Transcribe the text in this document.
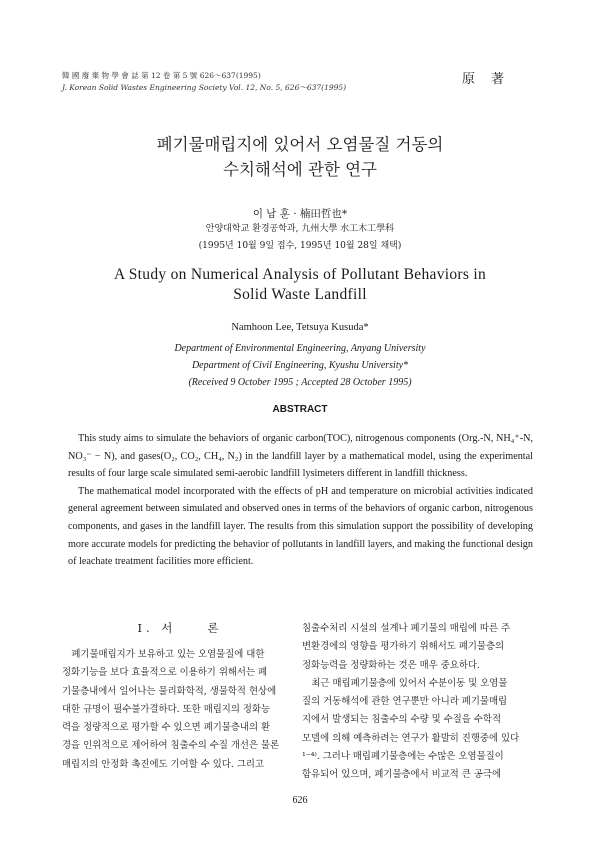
韓 國 廢 棄 物 學 會 誌 第 12 卷 第 5 號 626～637(1995)
J. Korean Solid Wastes Engineering Society Vol. 12, No. 5, 626～637(1995)
原 著
폐기물매립지에 있어서 오염물질 거동의
수치해석에 관한 연구
이 남 훈 · 楠田哲也*
안양대학교 환경공학과, 九州大學 水工木工學科
(1995년 10월 9일 접수, 1995년 10월 28일 채택)
A Study on Numerical Analysis of Pollutant Behaviors in
Solid Waste Landfill
Namhoon Lee, Tetsuya Kusuda*
Department of Environmental Engineering, Anyang University
Department of Civil Engineering, Kyushu University*
(Received 9 October 1995 ; Accepted 28 October 1995)
ABSTRACT

This study aims to simulate the behaviors of organic carbon(TOC), nitrogenous components (Org.-N, NH₄⁺-N, NO₃⁻ − N), and gases(O₂, CO₂, CH₄, N₂) in the landfill layer by a mathematical model, using the experimental results of four large scale simulated semi-aerobic landfill lysimeters different in landfill thickness.

The mathematical model incorporated with the effects of pH and temperature on microbial activities indicated general agreement between simulated and observed ones in terms of the behaviors of organic carbon, nitrogenous components, and gases in the landfill layer. The results from this simulation support the possibility of developing more accurate models for predicting the behavior of pollutants in landfill layers, and making the functional design of leachate treatment facilities more efficient.

Ⅰ. 서　　론

　폐기물매립지가 보유하고 있는 오염물질에 대한

정화기능을 보다 효율적으로 이용하기 위해서는 폐

기물층내에서 일어나는 물리화학적, 생물학적 현상에

대한 규명이 필수불가결하다. 또한 매립지의 정화능

력을 정량적으로 평가할 수 있으면 폐기물층내의 환

경을 인위적으로 제어하여 침출수의 수질 개선은 물론

매립지의 안정화 촉진에도 기여할 수 있다. 그리고

침출수처리 시설의 설계나 폐기물의 매립에 따른 주

변환경에의 영향을 평가하기 위해서도 폐기물층의

정화능력을 정량화하는 것은 매우 중요하다.

　최근 매립폐기물층에 있어서 수분이동 및 오염물

질의 거동해석에 관한 연구뿐만 아니라 폐기물매립

지에서 발생되는 침출수의 수량 및 수질을 수학적

모델에 의해 예측하려는 연구가 활발히 진행중에 있다

¹⁻⁴⁾. 그러나 매립폐기물층에는 수많은 오염물질이

함유되어 있으며, 폐기물층에서 비교적 큰 공극에

626
